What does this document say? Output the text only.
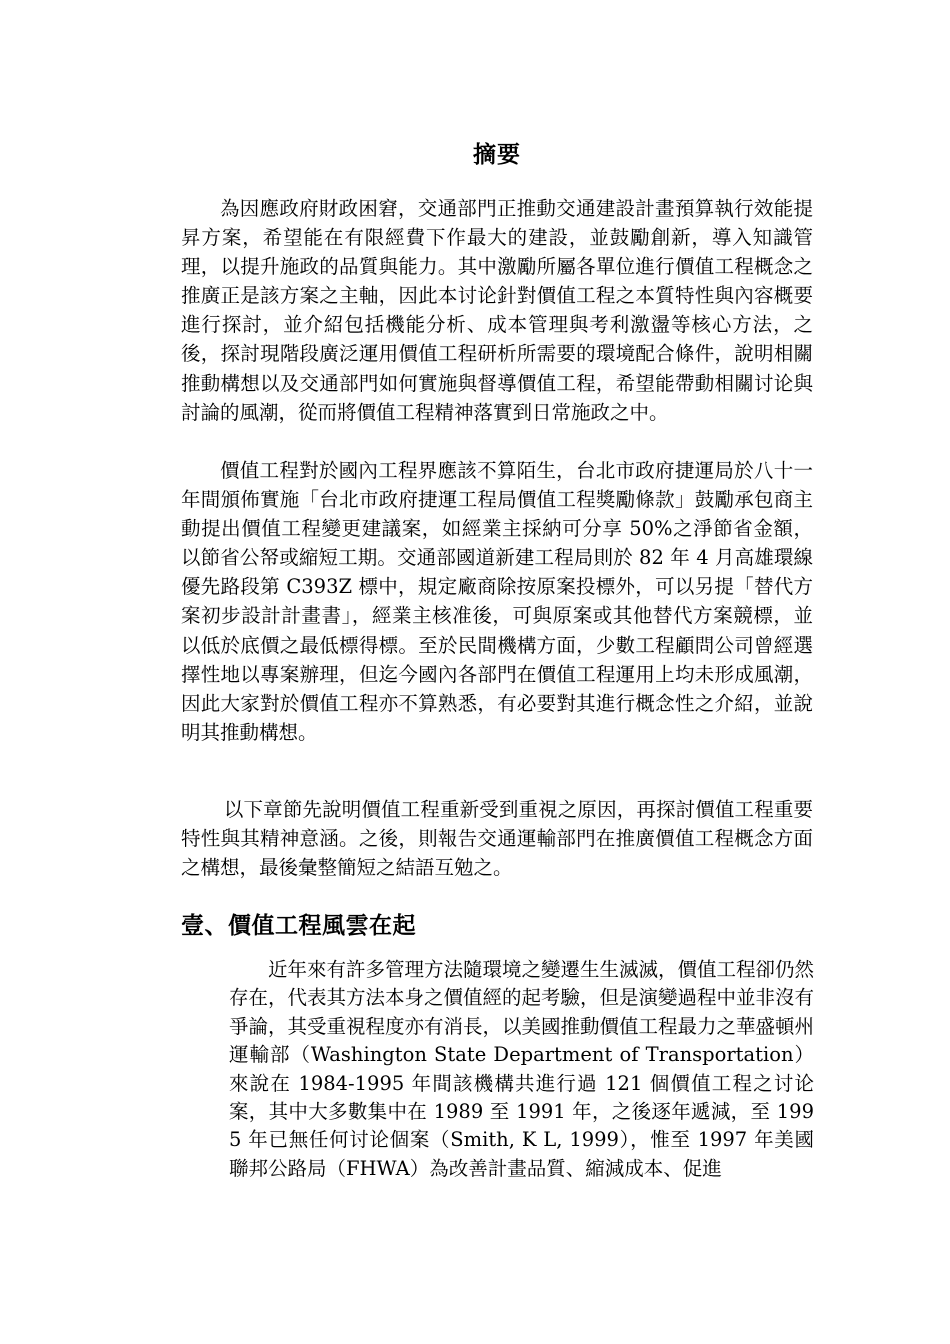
摘要

為因應政府財政困窘，交通部門正推動交通建設計畫預算執行效能提昇方案，希望能在有限經費下作最大的建設，並鼓勵創新，導入知識管理，以提升施政的品質與能力。其中激勵所屬各單位進行價值工程概念之推廣正是該方案之主軸，因此本讨论針對價值工程之本質特性與內容概要進行探討，並介紹包括機能分析、成本管理與考利激盪等核心方法，之後，探討現階段廣泛運用價值工程研析所需要的環境配合條件，說明相關推動構想以及交通部門如何實施與督導價值工程，希望能帶動相關讨论與討論的風潮，從而將價值工程精神落實到日常施政之中。

價值工程對於國內工程界應該不算陌生，台北市政府捷運局於八十一年間頒佈實施「台北市政府捷運工程局價值工程獎勵條款」鼓勵承包商主動提出價值工程變更建議案，如經業主採納可分享 50%之淨節省金額，以節省公帑或縮短工期。交通部國道新建工程局則於 82 年 4 月高雄環線優先路段第 C393Z 標中，規定廠商除按原案投標外，可以另提「替代方案初步設計計畫書」，經業主核准後，可與原案或其他替代方案競標，並以低於底價之最低標得標。至於民間機構方面，少數工程顧問公司曾經選擇性地以專案辦理，但迄今國內各部門在價值工程運用上均未形成風潮，因此大家對於價值工程亦不算熟悉，有必要對其進行概念性之介紹，並說明其推動構想。

以下章節先說明價值工程重新受到重視之原因，再探討價值工程重要特性與其精神意涵。之後，則報告交通運輸部門在推廣價值工程概念方面之構想，最後彙整簡短之結語互勉之。

壹、價值工程風雲在起

近年來有許多管理方法隨環境之變遷生生滅滅，價值工程卻仍然存在，代表其方法本身之價值經的起考驗，但是演變過程中並非沒有爭論，其受重視程度亦有消長，以美國推動價值工程最力之華盛頓州運輸部（Washington State Department of Transportation）來說在 1984-1995 年間該機構共進行過 121 個價值工程之讨论案，其中大多數集中在 1989 至 1991 年，之後逐年遞減，至 1995 年已無任何讨论個案（Smith, K L, 1999），惟至 1997 年美國聯邦公路局（FHWA）為改善計畫品質、縮減成本、促進
